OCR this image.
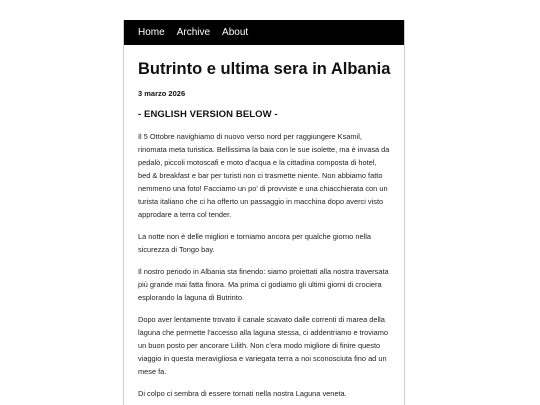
Home Archive About
Butrinto e ultima sera in Albania
3 marzo 2026
- ENGLISH VERSION BELOW -

Il 5 Ottobre navighiamo di nuovo verso nord per raggiungere Ksamil, rinomata meta turistica. Bellissima la baia con le sue isolette, ma è invasa da pedalò, piccoli motoscafi e moto d'acqua e la cittadina composta di hotel, bed & breakfast e bar per turisti non ci trasmette niente. Non abbiamo fatto nemmeno una foto! Facciamo un po' di provviste e una chiacchierata con un turista italiano che ci ha offerto un passaggio in macchina dopo averci visto approdare a terra col tender.

La notte non è delle migliori e torniamo ancora per qualche giorno nella sicurezza di Tongo bay.

Il nostro periodo in Albania sta finendo: siamo proiettati alla nostra traversata più grande mai fatta finora. Ma prima ci godiamo gli ultimi giorni di crociera esplorando la laguna di Butrinto.

Dopo aver lentamente trovato il canale scavato dalle correnti di marea della laguna che permette l'accesso alla laguna stessa, ci addentriamo e troviamo un buon posto per ancorare Lilith. Non c'era modo migliore di finire questo viaggio in questa meravigliosa e variegata terra a noi sconosciuta fino ad un mese fa.

Di colpo ci sembra di essere tornati nella nostra Laguna veneta.
